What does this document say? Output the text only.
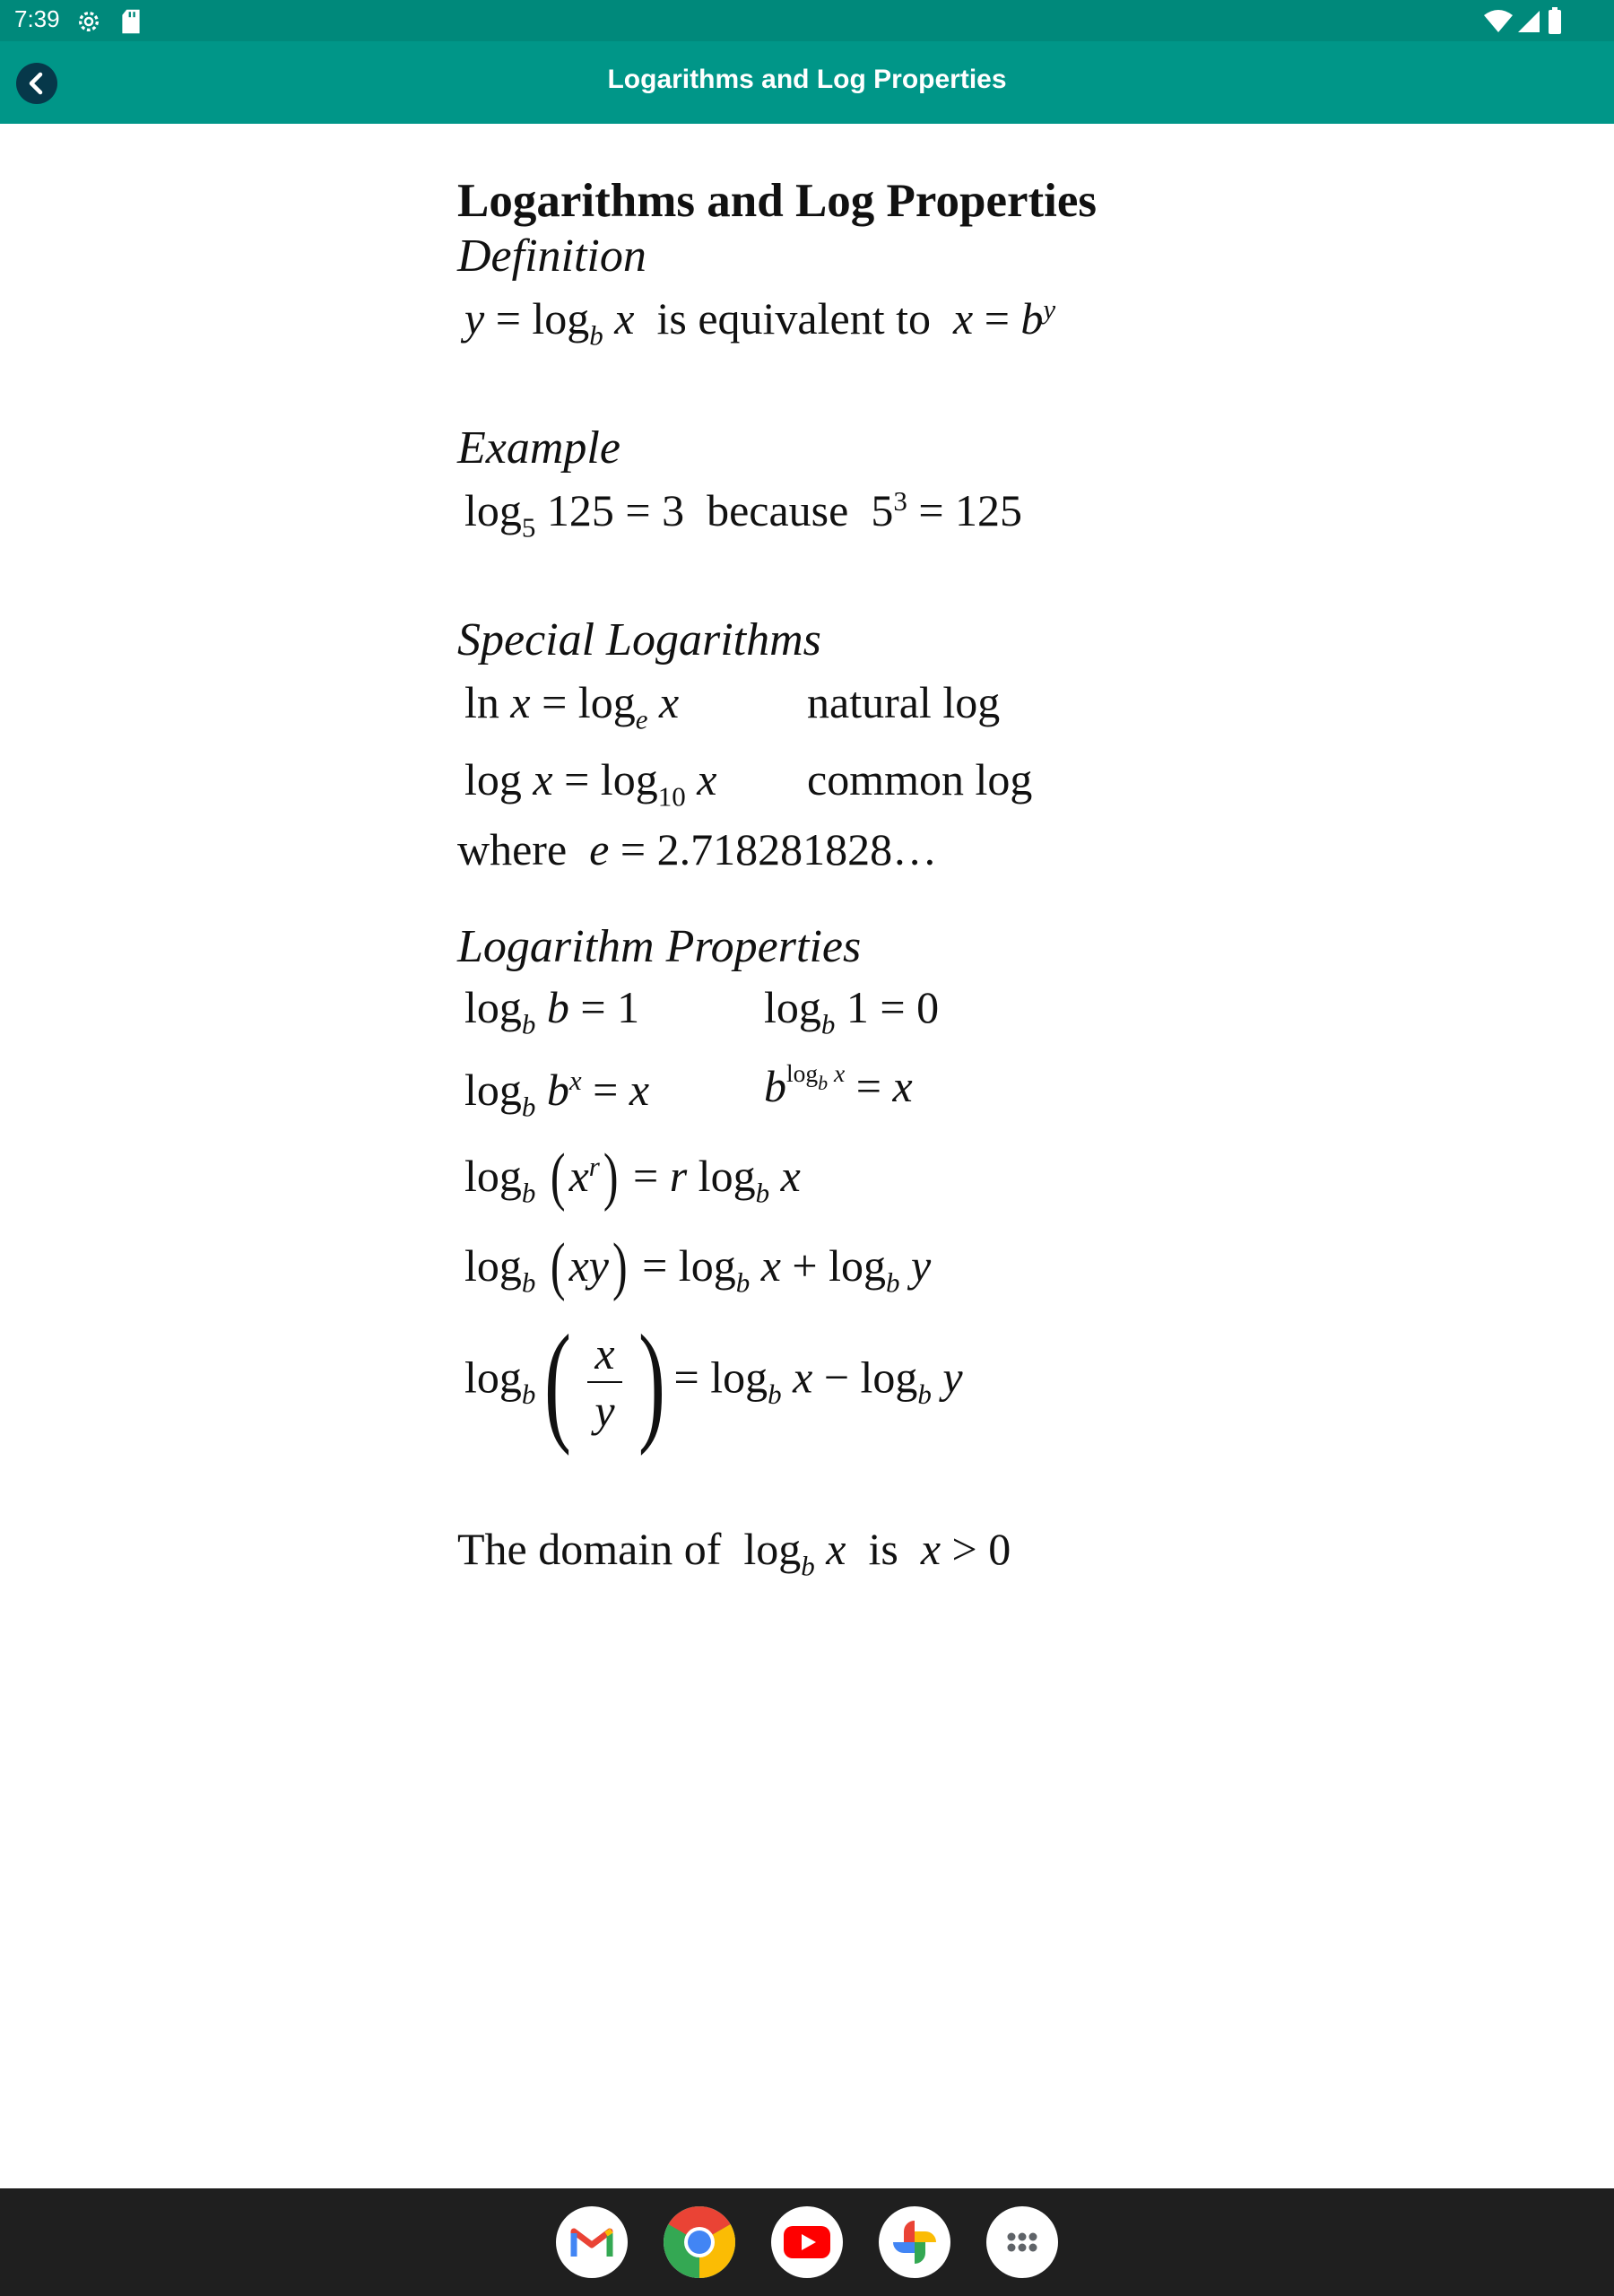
7:39
Logarithms and Log Properties
Logarithms and Log Properties
Definition
$y = \log_b x$ is equivalent to $x = b^y$
Example
$\log_5 125 = 3$  because  $5^3 = 125$
Special Logarithms
$\ln x = \log_e x$	natural log
$\log x = \log_{10} x$ common log
where e = 2.718281828…
Logarithm Properties
$\log_b b = 1$	$\log_b 1 = 0$
$\log_b b^x = x$	$b^{log_b x} = x$
$\log_b (x^r) = r$ $\log_b x$
$\log_b (xy) = \log_b x + \log_b y$
$\log_b( \frac{x}{y}$ ) = $\log_b x - \log_b y$
The domain of  $\log_b x$ is x > 0
